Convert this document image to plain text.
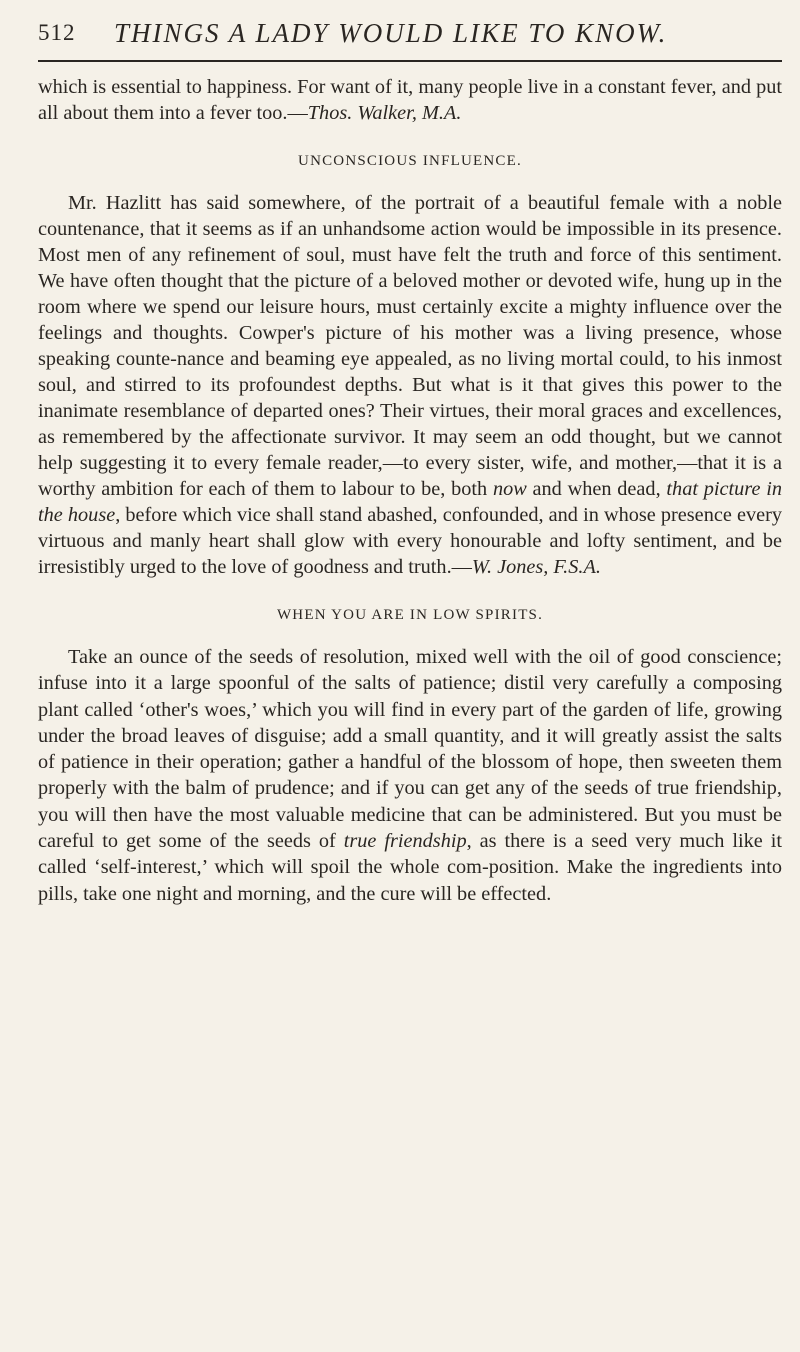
512 THINGS A LADY WOULD LIKE TO KNOW.

which is essential to happiness. For want of it, many people live in a constant fever, and put all about them into a fever too.—Thos. Walker, M.A.

UNCONSCIOUS INFLUENCE.

Mr. Hazlitt has said somewhere, of the portrait of a beautiful female with a noble countenance, that it seems as if an unhandsome action would be impossible in its presence. Most men of any refinement of soul, must have felt the truth and force of this sentiment. We have often thought that the picture of a beloved mother or devoted wife, hung up in the room where we spend our leisure hours, must certainly excite a mighty influence over the feelings and thoughts. Cowper's picture of his mother was a living presence, whose speaking counte-nance and beaming eye appealed, as no living mortal could, to his inmost soul, and stirred to its profoundest depths. But what is it that gives this power to the inanimate resemblance of departed ones? Their virtues, their moral graces and excellences, as remembered by the affectionate survivor. It may seem an odd thought, but we cannot help suggesting it to every female reader,—to every sister, wife, and mother,—that it is a worthy ambition for each of them to labour to be, both now and when dead, that picture in the house, before which vice shall stand abashed, confounded, and in whose presence every virtuous and manly heart shall glow with every honourable and lofty sentiment, and be irresistibly urged to the love of goodness and truth.—W. Jones, F.S.A.

WHEN YOU ARE IN LOW SPIRITS.

Take an ounce of the seeds of resolution, mixed well with the oil of good conscience; infuse into it a large spoonful of the salts of patience; distil very carefully a composing plant called ‘other's woes,’ which you will find in every part of the garden of life, growing under the broad leaves of disguise; add a small quantity, and it will greatly assist the salts of patience in their operation; gather a handful of the blossom of hope, then sweeten them properly with the balm of prudence; and if you can get any of the seeds of true friendship, you will then have the most valuable medicine that can be administered. But you must be careful to get some of the seeds of true friendship, as there is a seed very much like it called ‘self-interest,’ which will spoil the whole com-position. Make the ingredients into pills, take one night and morning, and the cure will be effected.
